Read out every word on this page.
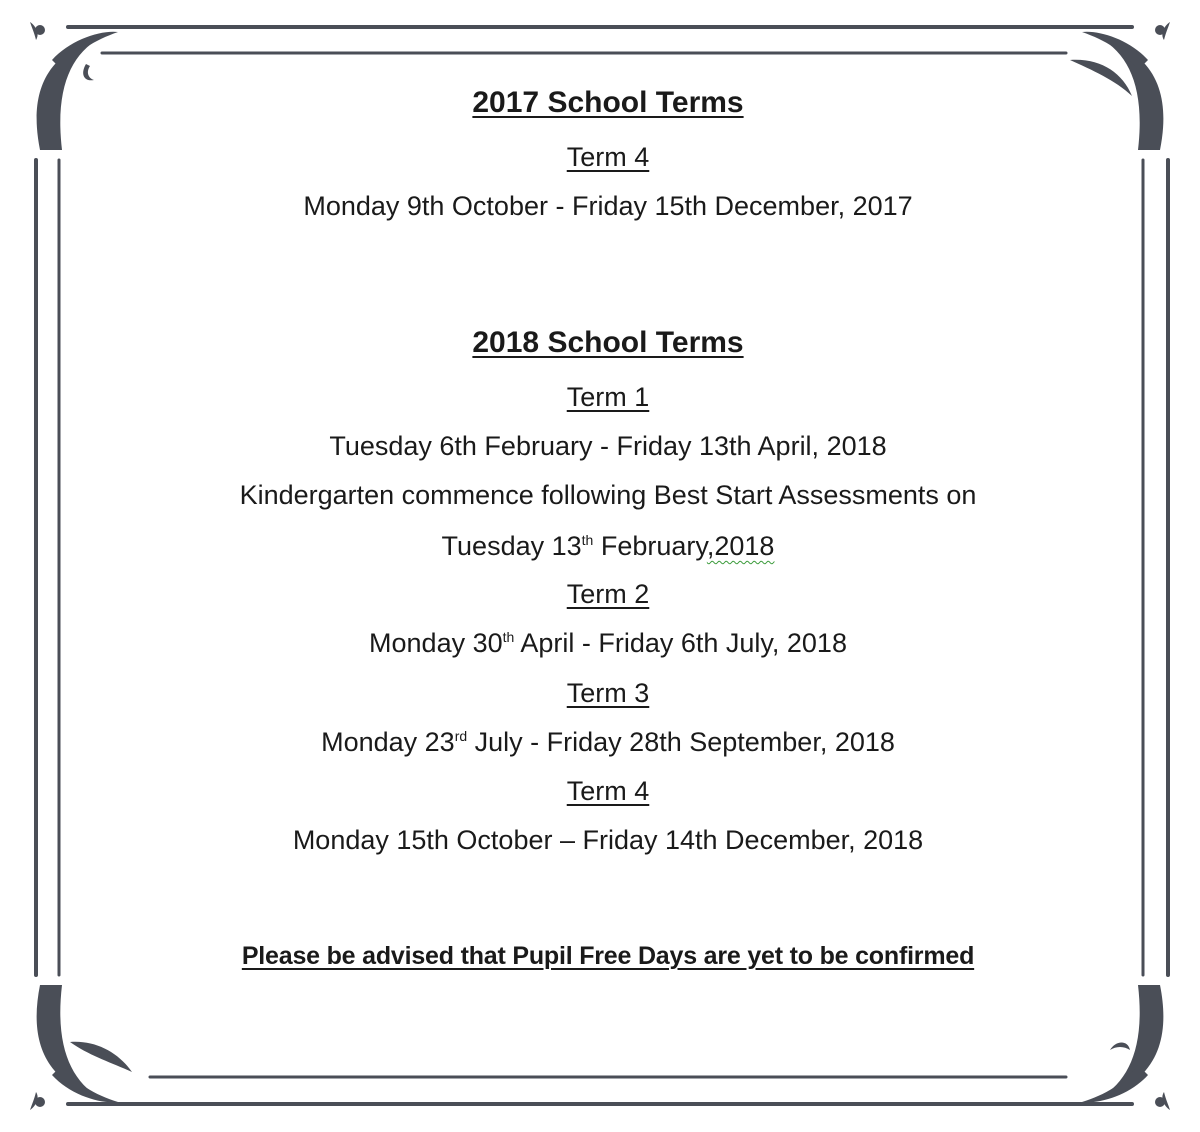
2017 School Terms
Term 4
Monday 9th October - Friday 15th December, 2017
2018 School Terms
Term 1
Tuesday 6th February - Friday 13th April, 2018
Kindergarten commence following Best Start Assessments on
Tuesday 13th February,2018
Term 2
Monday 30th April - Friday 6th July, 2018
Term 3
Monday 23rd July - Friday 28th September, 2018
Term 4
Monday 15th October – Friday 14th December, 2018
Please be advised that Pupil Free Days are yet to be confirmed
